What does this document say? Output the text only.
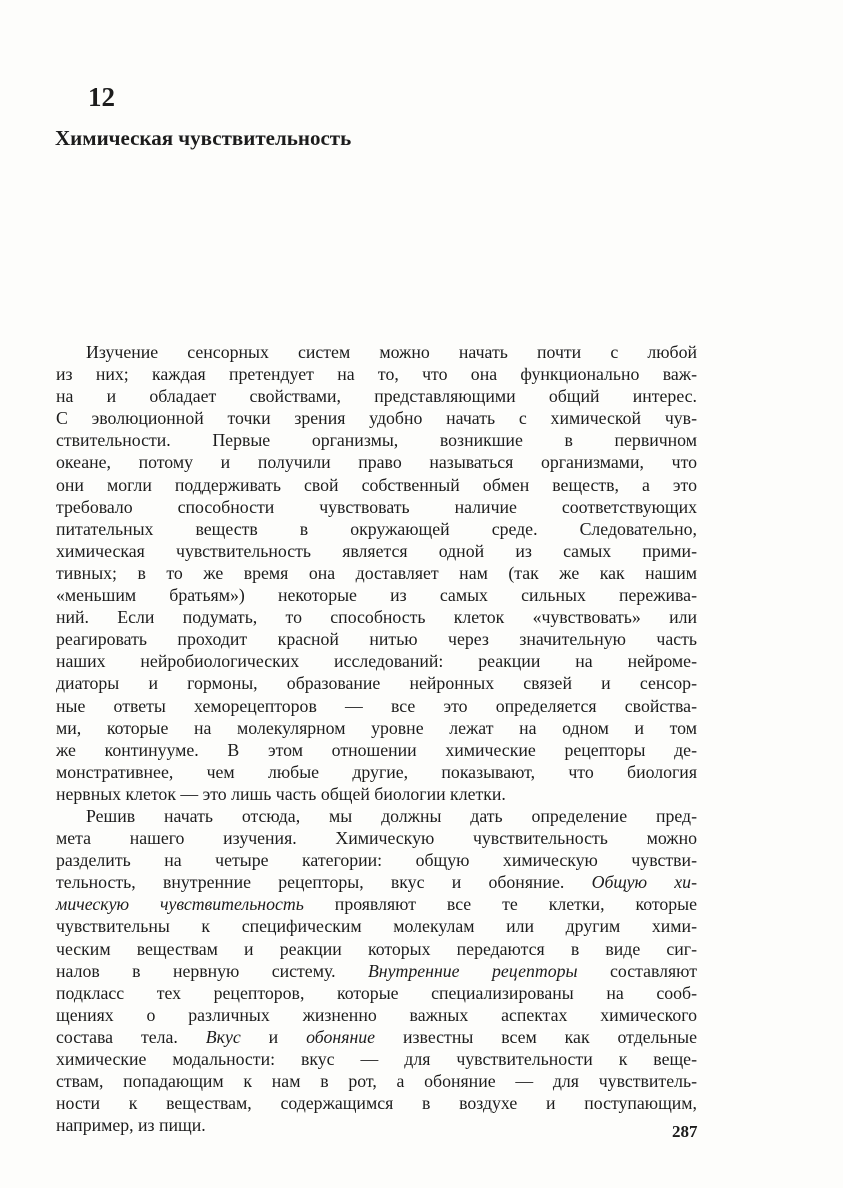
12
Химическая чувствительность
Изучение сенсорных систем можно начать почти с любой
из них; каждая претендует на то, что она функционально важ-
на и обладает свойствами, представляющими общий интерес.
С эволюционной точки зрения удобно начать с химической чув-
ствительности. Первые организмы, возникшие в первичном
океане, потому и получили право называться организмами, что
они могли поддерживать свой собственный обмен веществ, а это
требовало способности чувствовать наличие соответствующих
питательных веществ в окружающей среде. Следовательно,
химическая чувствительность является одной из самых прими-
тивных; в то же время она доставляет нам (так же как нашим
«меньшим братьям») некоторые из самых сильных пережива-
ний. Если подумать, то способность клеток «чувствовать» или
реагировать проходит красной нитью через значительную часть
наших нейробиологических исследований: реакции на нейроме-
диаторы и гормоны, образование нейронных связей и сенсор-
ные ответы хеморецепторов — все это определяется свойства-
ми, которые на молекулярном уровне лежат на одном и том
же континууме. В этом отношении химические рецепторы де-
монстративнее, чем любые другие, показывают, что биология
нервных клеток — это лишь часть общей биологии клетки.
Решив начать отсюда, мы должны дать определение пред-
мета нашего изучения. Химическую чувствительность можно
разделить на четыре категории: общую химическую чувстви-
тельность, внутренние рецепторы, вкус и обоняние. Общую хи-
мическую чувствительность проявляют все те клетки, которые
чувствительны к специфическим молекулам или другим хими-
ческим веществам и реакции которых передаются в виде сиг-
налов в нервную систему. Внутренние рецепторы составляют
подкласс тех рецепторов, которые специализированы на сооб-
щениях о различных жизненно важных аспектах химического
состава тела. Вкус и обоняние известны всем как отдельные
химические модальности: вкус — для чувствительности к веще-
ствам, попадающим к нам в рот, а обоняние — для чувствитель-
ности к веществам, содержащимся в воздухе и поступающим,
например, из пищи.	287
